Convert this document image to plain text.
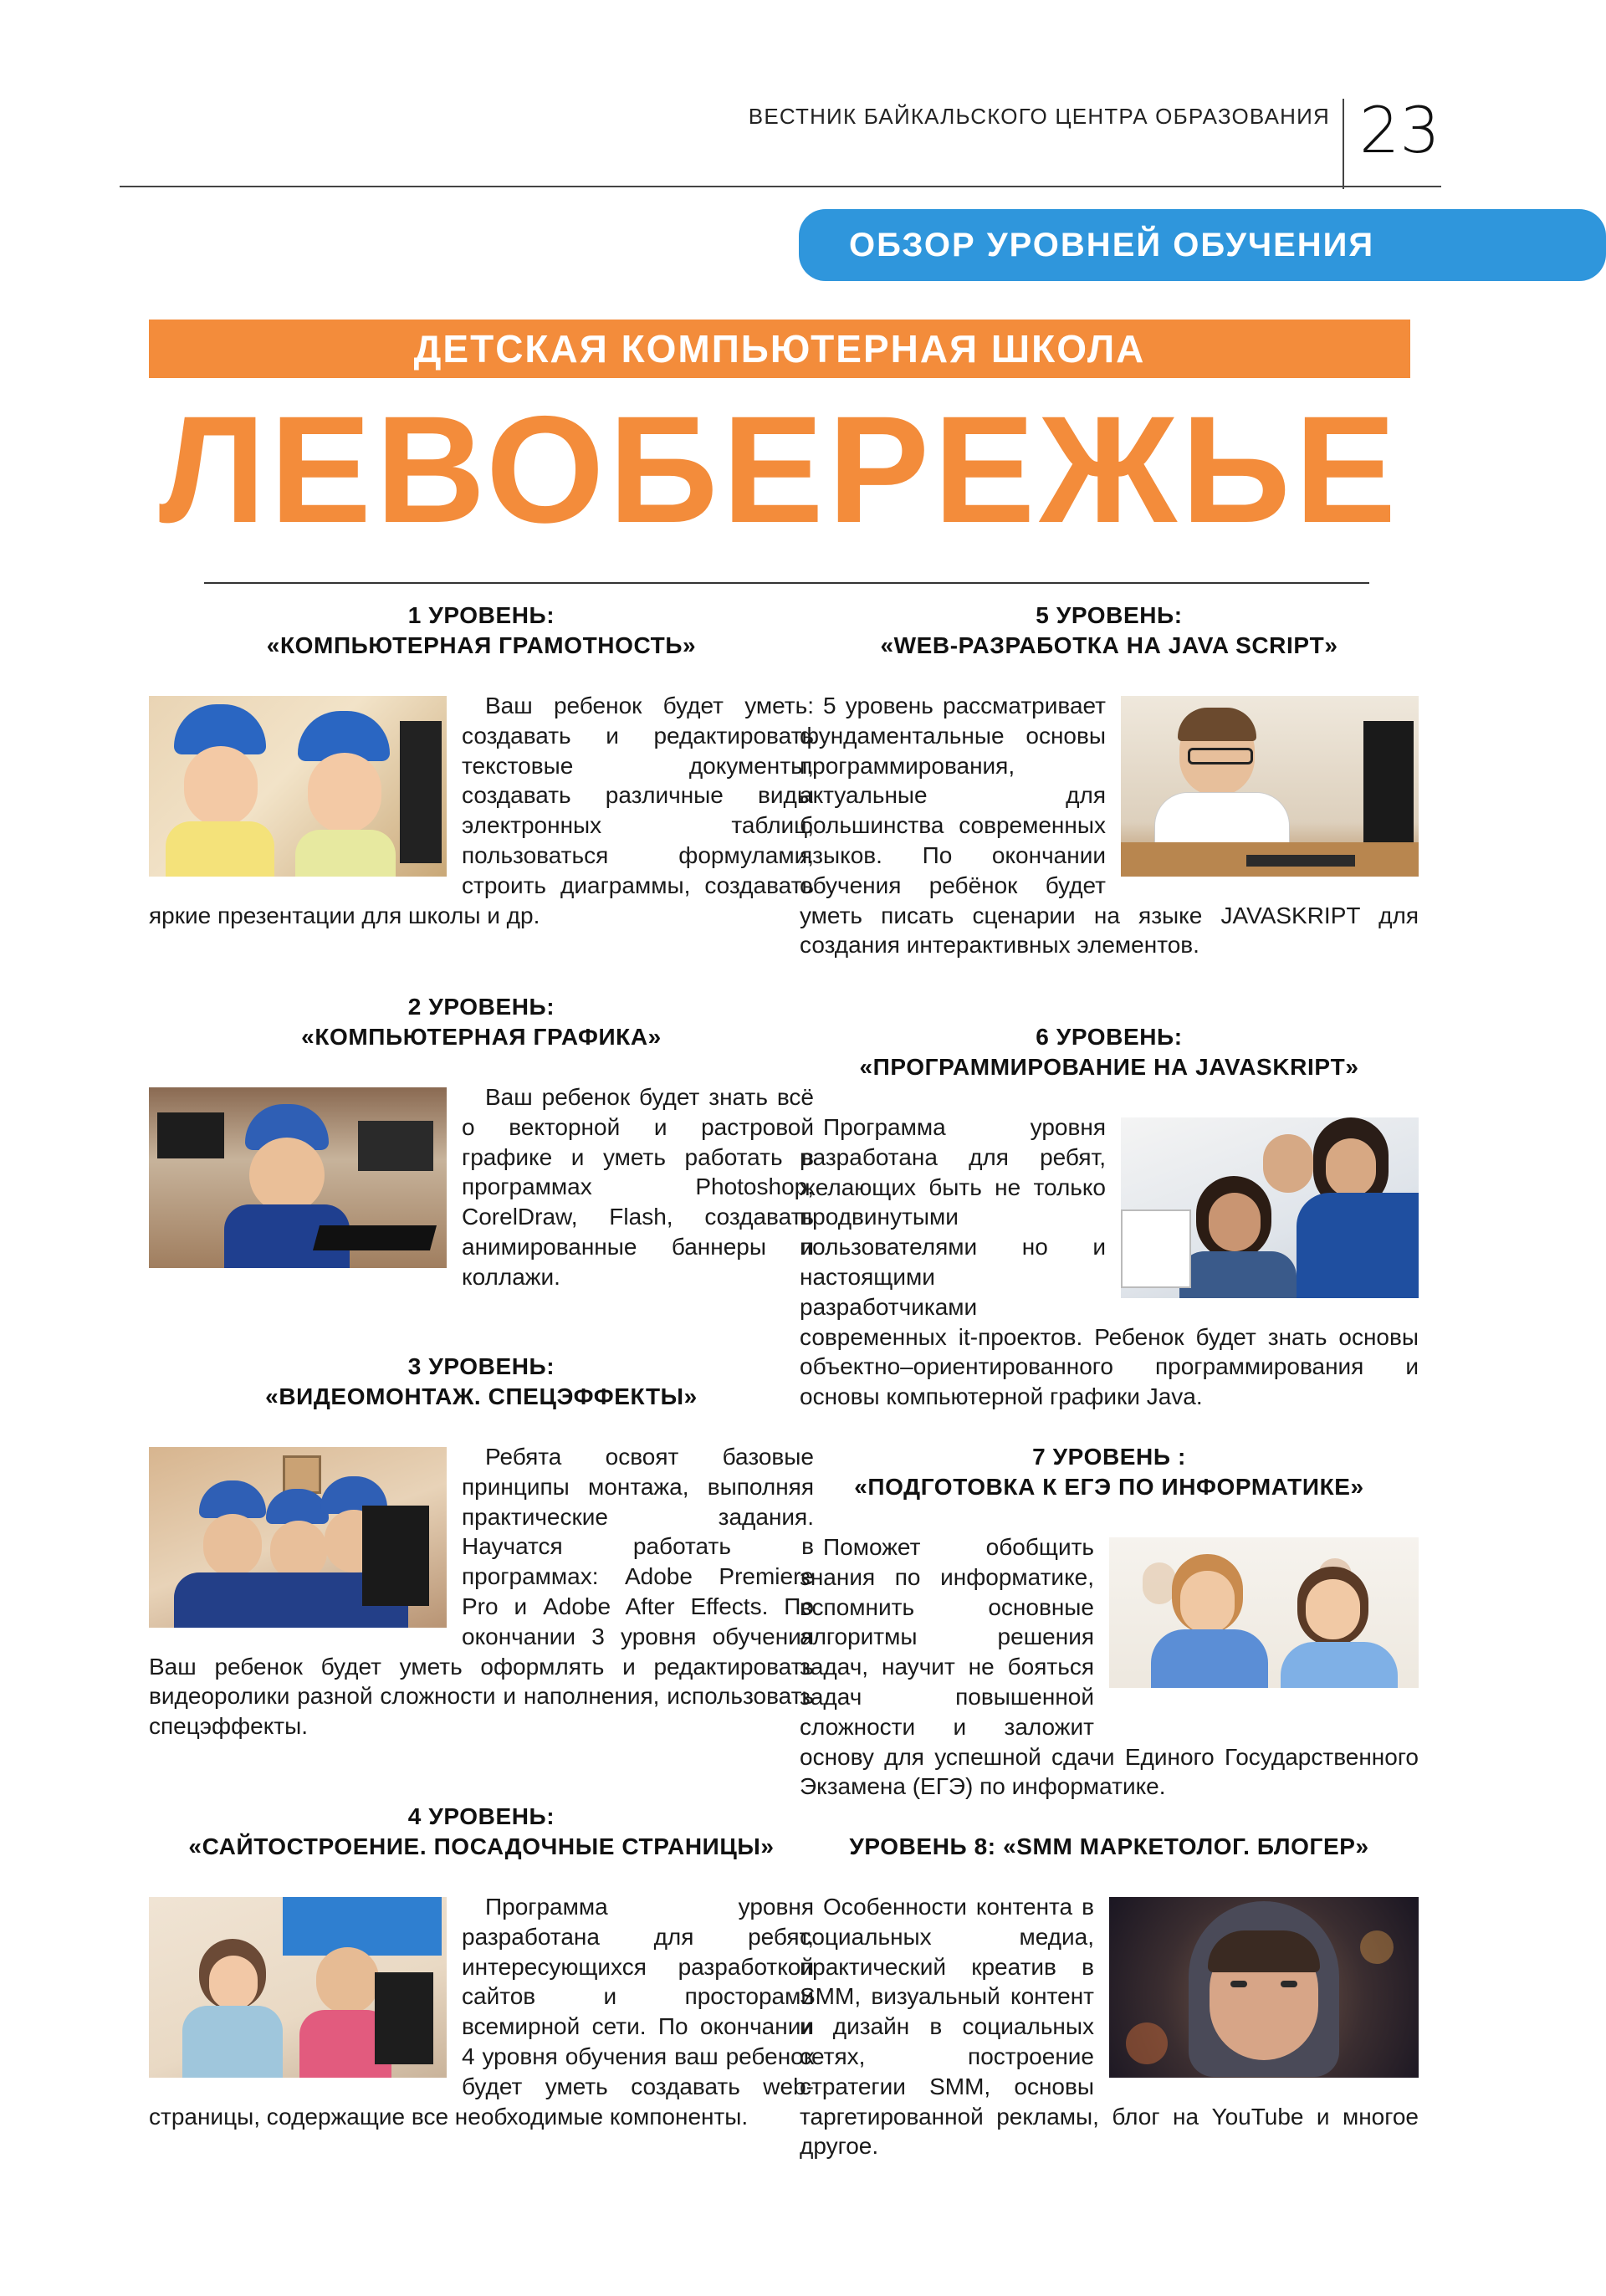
ВЕСТНИК БАЙКАЛЬСКОГО ЦЕНТРА ОБРАЗОВАНИЯ 23
ОБЗОР УРОВНЕЙ ОБУЧЕНИЯ
ДЕТСКАЯ КОМПЬЮТЕРНАЯ ШКОЛА
ЛЕВОБЕРЕЖЬЕ
1 УРОВЕНЬ:
«КОМПЬЮТЕРНАЯ ГРАМОТНОСТЬ»

Ваш ребенок будет уметь: создавать и редактировать текстовые документы, создавать различные виды электронных таблиц, пользоваться формулами, строить диаграммы, создавать яркие презентации для школы и др.

2 УРОВЕНЬ:
«КОМПЬЮТЕРНАЯ ГРАФИКА»

Ваш ребенок будет знать всё о векторной и растровой графике и уметь работать в программах Photoshop, CorelDraw, Flash, создавать анимированные баннеры и коллажи.

3 УРОВЕНЬ:
«ВИДЕОМОНТАЖ. СПЕЦЭФФЕКТЫ»

Ребята освоят базовые принципы монтажа, выполняя практические задания. Научатся работать в программах: Adobe Premiere Pro и Adobe After Effects. По окончании 3 уровня обучения Ваш ребенок будет уметь оформлять и редактировать видеоролики разной сложности и наполнения, использовать спецэффекты.

4 УРОВЕНЬ:
«САЙТОСТРОЕНИЕ. ПОСАДОЧНЫЕ СТРАНИЦЫ»

Программа уровня разработана для ребят, интересующихся разработкой сайтов и просторами всемирной сети. По окончании 4 уровня обучения ваш ребенок будет уметь создавать web-страницы, содержащие все необходимые компоненты.

5 УРОВЕНЬ:
«WEB-РАЗРАБОТКА НА JAVA SCRIPT»

5 уровень рассматривает фундаментальные основы программирования, актуальные для большинства современных языков. По окончании обучения ребёнок будет уметь писать сценарии на языке JAVASKRIPT для создания интерактивных элементов.

6 УРОВЕНЬ:
«ПРОГРАММИРОВАНИЕ НА JAVASKRIPT»

Программа уровня разработана для ребят, желающих быть не только продвинутыми пользователями но и настоящими разработчиками современных it-проектов. Ребенок будет знать основы объектно–ориентированного программирования и основы компьютерной графики Java.

7 УРОВЕНЬ :
«ПОДГОТОВКА К ЕГЭ ПО ИНФОРМАТИКЕ»

Поможет обобщить знания по информатике, вспомнить основные алгоритмы решения задач, научит не бояться задач повышенной сложности и заложит основу для успешной сдачи Единого Государственного Экзамена (ЕГЭ) по информатике.

УРОВЕНЬ 8: «SMM МАРКЕТОЛОГ. БЛОГЕР»

Особенности контента в социальных медиа, практический креатив в SMM, визуальный контент и дизайн в социальных сетях, построение стратегии SMM, основы таргетированной рекламы, блог на YouTube и многое другое.
